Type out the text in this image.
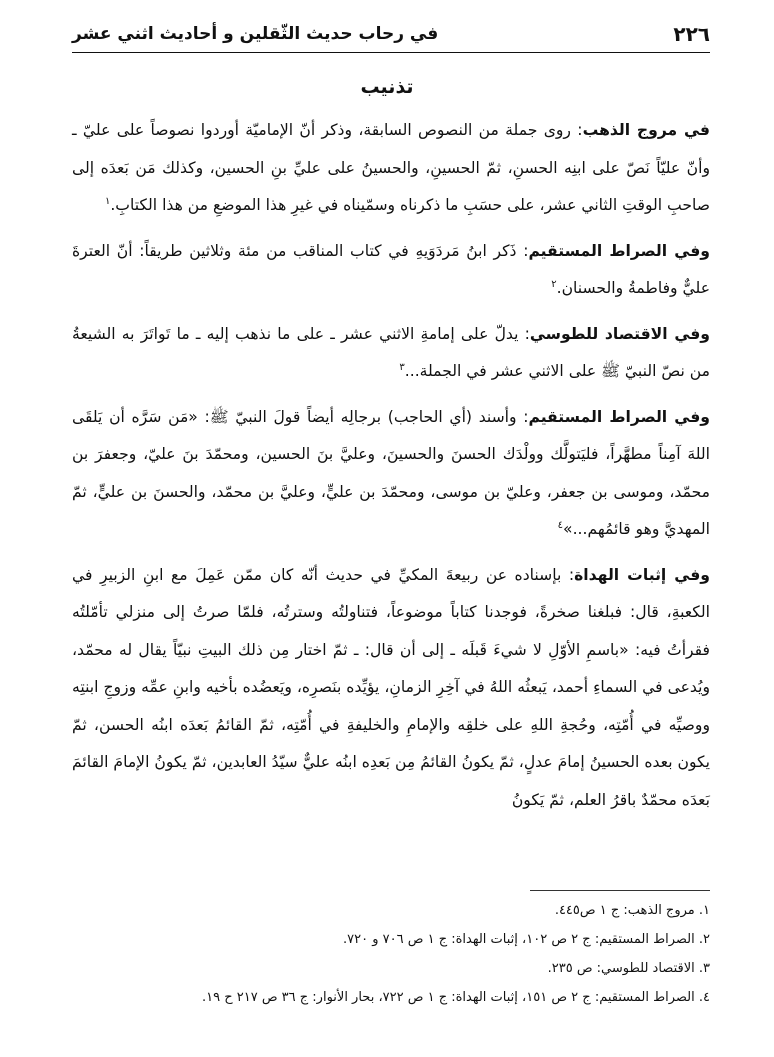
٢٢٦
في رحاب حديث الثّقلين و أحاديث اثني عشر
تذنيب

في مروج الذهب: روى جملة من النصوص السابقة، وذكر أنّ الإماميّة أوردوا نصوصاً على عليّ ـ وأنّ عليّاً نَصّ على ابنِه الحسنِ، ثمّ الحسينِ، والحسينُ على عليِّ بنِ الحسين، وكذلك مَن بَعدَه إلى صاحبِ الوقتِ الثاني عشر، على حسَبِ ما ذكرناه وسمّيناه في غيرِ هذا الموضعِ من هذا الكتابِ.$^١$

وفي الصراط المستقيم: ذَكر ابنُ مَردَوَيهِ في كتاب المناقب من مئة وثلاثين طريقاً: أنّ العترةَ عليٌّ وفاطمةُ والحسنان.$^٢$

وفي الاقتصاد للطوسي: يدلّ على إمامةِ الاثني عشر ـ على ما نذهب إليه ـ ما تَواتَرَ به الشيعةُ من نصّ النبيّ ﷺ على الاثني عشر في الجملة...$^٣$

وفي الصراط المستقيم: وأسند (أي الحاجب) برجالِه أيضاً قولَ النبيّ ﷺ: «مَن سَرَّه أن يَلقَى اللهَ آمِناً مطهَّراً، فليَتولَّك وولْدَك الحسنَ والحسينَ، وعليَّ بنَ الحسين، ومحمّدَ بنَ عليّ، وجعفرَ بن محمّد، وموسى بن جعفر، وعليّ بن موسى، ومحمّدَ بن عليٍّ، وعليَّ بن محمّد، والحسنَ بن عليٍّ، ثمّ المهديَّ وهو قائمُهم...»$^٤$

وفي إثبات الهداة: بإسناده عن ربيعةَ المكيِّ في حديث أنّه كان ممّن عَمِلَ مع ابنِ الزبيرِ في الكعبةِ، قال: فبلغنا صخرةً، فوجدنا كتاباً موضوعاً، فتناولتُه وسترتُه، فلمّا صرتُ إلى منزلي تأمّلتُه فقرأتُ فيه: «باسمِ الأوّلِ لا شيءَ قَبلَه ـ إلى أن قال: ـ ثمّ اختار مِن ذلك البيتِ نبيّاً يقال له محمّد، ويُدعى في السماءِ أحمد، يَبعثُه اللهُ في آخِرِ الزمانِ، يؤيِّده بنَصرِه، ويَعضُده بأخيه وابنِ عمِّه وزوجِ ابنتِه ووصيِّه في أُمّتِه، وحُجةِ اللهِ على خلقِه والإمامِ والخليفةِ في أُمّتِه، ثمّ القائمُ بَعدَه ابنُه الحسن، ثمّ يكون بعده الحسينُ إمامَ عدلٍ، ثمّ يكونُ القائمُ مِن بَعدِه ابنُه عليٌّ سيّدُ العابدين، ثمّ يكونُ الإمامَ القائمَ بَعدَه محمّدٌ باقرُ العلم، ثمّ يَكونُ

١. مروج الذهب: ج ١ ص٤٤٥.

٢. الصراط المستقيم: ج ٢ ص ١٠٢، إثبات الهداة: ج ١ ص ٧٠٦ و ٧٢٠.

٣. الاقتصاد للطوسي: ص ٢٣٥.

٤. الصراط المستقيم: ج ٢ ص ١٥١، إثبات الهداة: ج ١ ص ٧٢٢، بحار الأنوار: ج ٣٦ ص ٢١٧ ح ١٩.
